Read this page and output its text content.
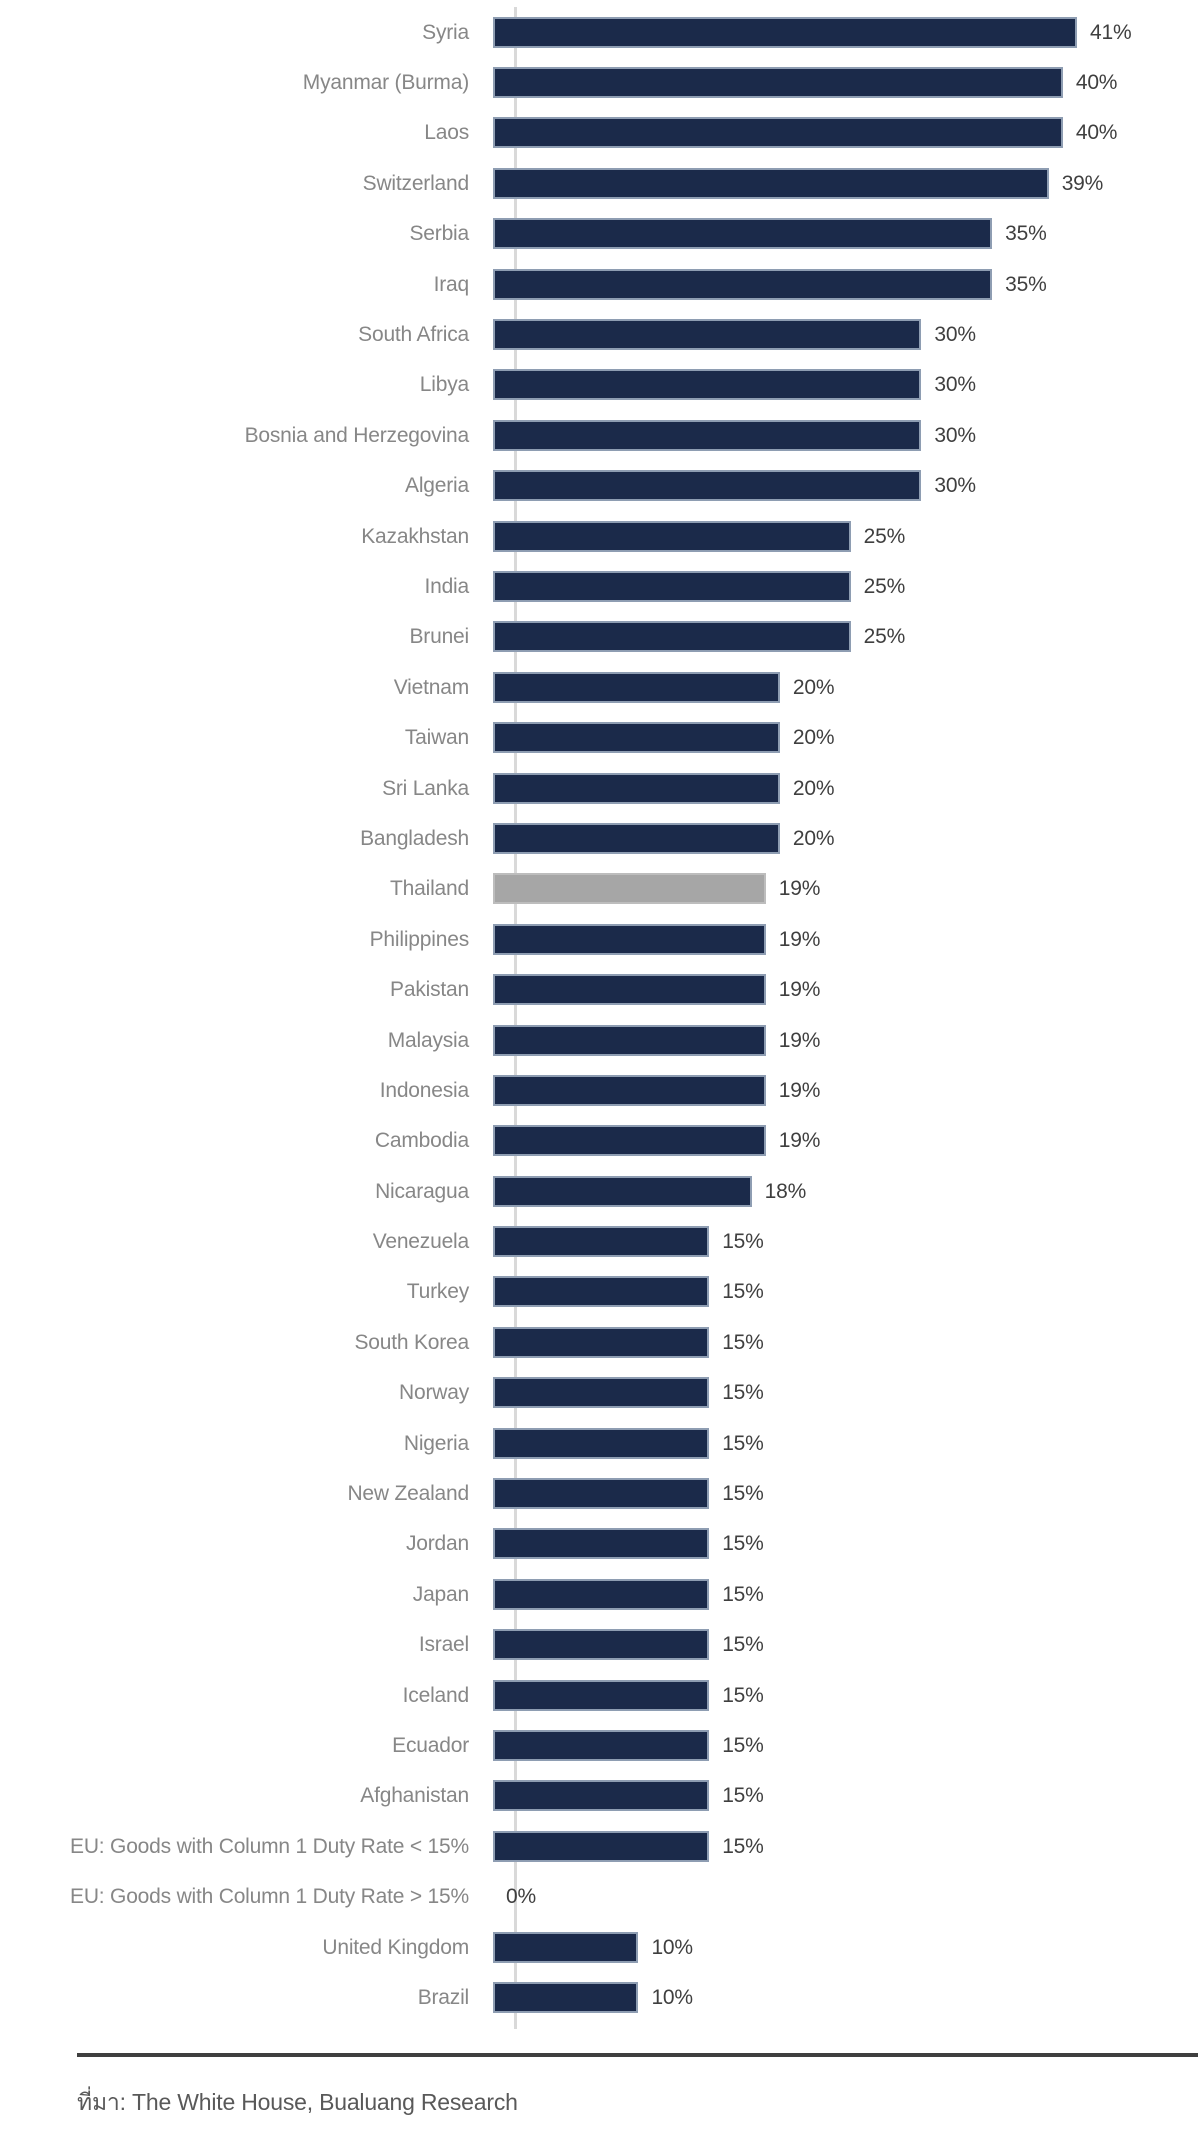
Syria	41%
Myanmar (Burma)	40%
Laos	40%
Switzerland	39%
Serbia	35%
Iraq	35%
South Africa	30%
Libya	30%
Bosnia and Herzegovina	30%
Algeria	30%
Kazakhstan	25%
India	25%
Brunei	25%
Vietnam	20%
Taiwan	20%
Sri Lanka	20%
Bangladesh	20%
Thailand	19%
Philippines	19%
Pakistan	19%
Malaysia	19%
Indonesia	19%
Cambodia	19%
Nicaragua	18%
Venezuela	15%
Turkey	15%
South Korea	15%
Norway	15%
Nigeria	15%
New Zealand	15%
Jordan	15%
Japan	15%
Israel	15%
Iceland	15%
Ecuador	15%
Afghanistan	15%
EU: Goods with Column 1 Duty Rate < 15%	15%
EU: Goods with Column 1 Duty Rate > 15%	0%
United Kingdom	10%
Brazil	10%
ที่มา: The White House, Bualuang Research
